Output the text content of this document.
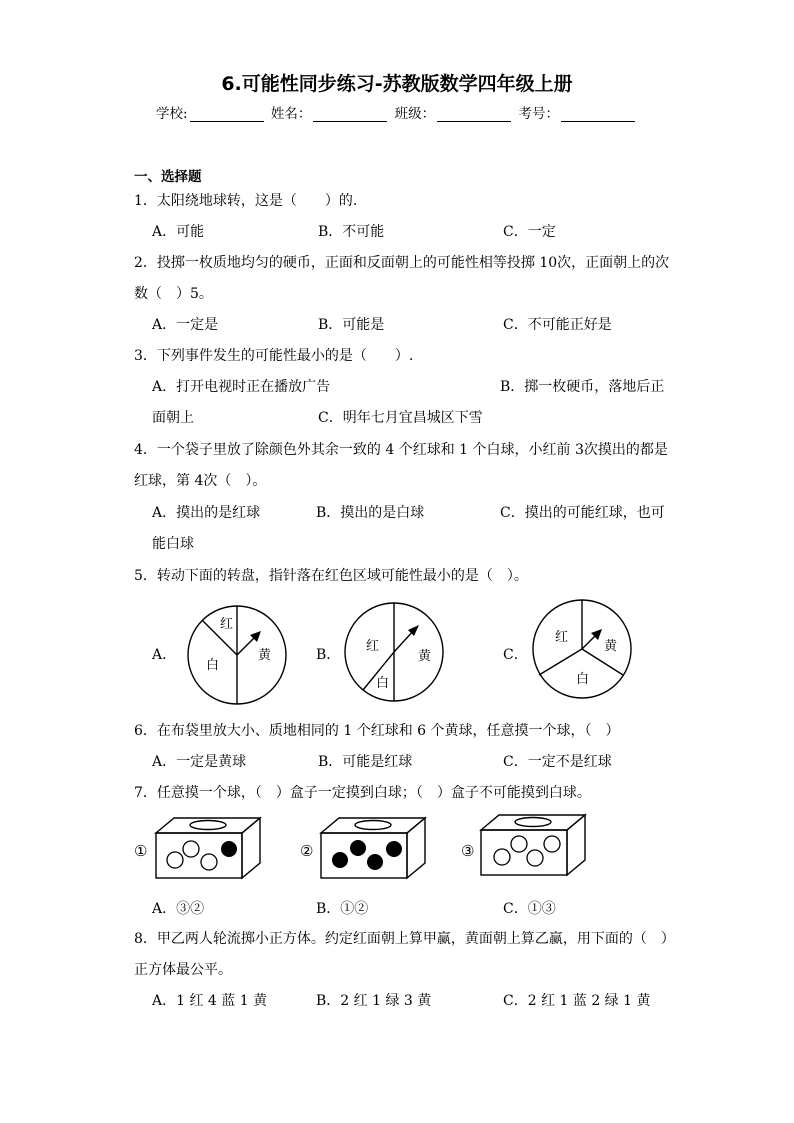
6.可能性同步练习-苏教版数学四年级上册
学校:	姓名：	班级：	考号：
一、选择题
1．太阳绕地球转，这是（　　）的.
A．可能	B．不可能	C．一定
2．投掷一枚质地均匀的硬币，正面和反面朝上的可能性相等投掷 10次，正面朝上的次
数（　）5。
A．一定是	B．可能是	C．不可能正好是
3．下列事件发生的可能性最小的是（　　）.
A．打开电视时正在播放广告	B．掷一枚硬币，落地后正
面朝上	C．明年七月宜昌城区下雪
4．一个袋子里放了除颜色外其余一致的 4 个红球和 1 个白球，小红前 3次摸出的都是
红球，第 4次（　）。
A．摸出的是红球	B．摸出的是白球	C．摸出的可能红球，也可
能白球
5．转动下面的转盘，指针落在红色区域可能性最小的是（　）。
A．	B．	C．
红
白
黄
红
白
黄
红
白
黄
6．在布袋里放大小、质地相同的 1 个红球和 6 个黄球，任意摸一个球，（　）
A．一定是黄球	B．可能是红球	C．一定不是红球
7．任意摸一个球，（　）盒子一定摸到白球；（　）盒子不可能摸到白球。
①	②	③
A．③②	B．①②	C．①③
8．甲乙两人轮流掷小正方体。约定红面朝上算甲赢，黄面朝上算乙赢，用下面的（　）
正方体最公平。
A．1 红 4 蓝 1 黄	B．2 红 1 绿 3 黄	C．2 红 1 蓝 2 绿 1 黄
